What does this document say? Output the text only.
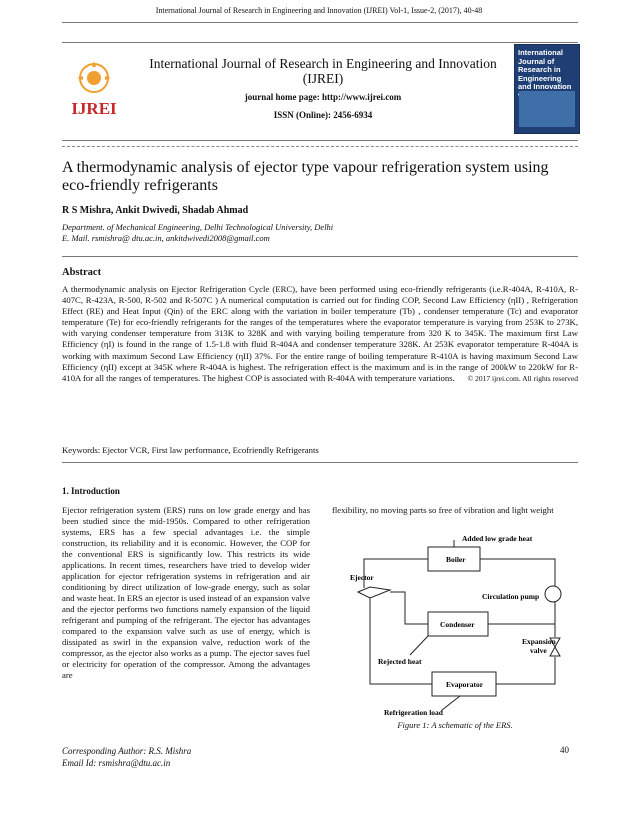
International Journal of Research in Engineering and Innovation (IJREI) Vol-1, Issue-2, (2017), 40-48
IJREI
International Journal of Research in Engineering and Innovation
(IJREI)
journal home page: http://www.ijrei.com
ISSN (Online): 2456-6934
International Journal of Research in Engineering and Innovation

A thermodynamic analysis of ejector type vapour refrigeration system using eco-friendly refrigerants
R S Mishra, Ankit Dwivedi, Shadab Ahmad
Department. of Mechanical Engineering, Delhi Technological University, Delhi
E. Mail. rsmishra@ dtu.ac.in, ankitdwivedi2008@gmail.com
Abstract
A thermodynamic analysis on Ejector Refrigeration Cycle (ERC), have been performed using eco-friendly refrigerants (i.e.R-404A, R-410A, R-407C, R-423A, R-500, R-502 and R-507C ) A numerical computation is carried out for finding COP, Second Law Efficiency (ηII) , Refrigeration Effect (RE) and Heat Input (Qin) of the ERC along with the variation in boiler temperature (Tb) , condenser temperature (Tc) and evaporator temperature (Te) for eco-friendly refrigerants for the ranges of the temperatures where the evaporator temperature is varying from 253K to 273K, with varying condenser temperature from 313K to 328K and with varying boiling temperature from 320 K to 345K. The maximum first Law Efficiency (ηI) is found in the range of 1.5-1.8 with fluid R-404A and condenser temperature 328K. At 253K evaporator temperature R-404A is working with maximum Second Law Efficiency (ηII) 37%. For the entire range of boiling temperature R-410A is having maximum Second Law Efficiency (ηII) except at 345K where R-404A is highest. The refrigeration effect is the maximum and is in the range of 200kW to 220kW for R-410A for all the ranges of temperatures. The highest COP is associated with R-404A with temperature variations. © 2017 ijrei.com. All rights reserved
Keywords: Ejector VCR, First law performance, Ecofriendly Refrigerants
1. Introduction
Ejector refrigeration system (ERS) runs on low grade energy and has been studied since the mid-1950s. Compared to other refrigeration systems, ERS has a few special advantages i.e. the simple construction, its reliability and it is economic. However, the COP for the conventional ERS is significantly low. This restricts its wide applications. In recent times, researchers have tried to develop wider application for ejector refrigeration systems in refrigeration and air conditioning by direct utilization of low-grade energy, such as solar and waste heat. In ERS an ejector is used instead of an expansion valve and the ejector performs two functions namely expansion of the liquid refrigerant and pumping of the refrigerant. The ejector has advantages compared to the expansion valve such as use of energy, which is dissipated as swirl in the expansion valve, reduction work of the compressor, as the ejector also works as a pump. The ejector saves fuel or electricity for operation of the compressor. Among the advantages are
flexibility, no moving parts so free of vibration and light weight
Added low grade heat
Boiler
Ejector
Circulation pump
Condenser
Expansion
valve
Rejected heat
Evaporator
Refrigeration load
Figure 1: A schematic of the ERS.
Corresponding Author: R.S. Mishra
Email Id: rsmishra@dtu.ac.in
40
